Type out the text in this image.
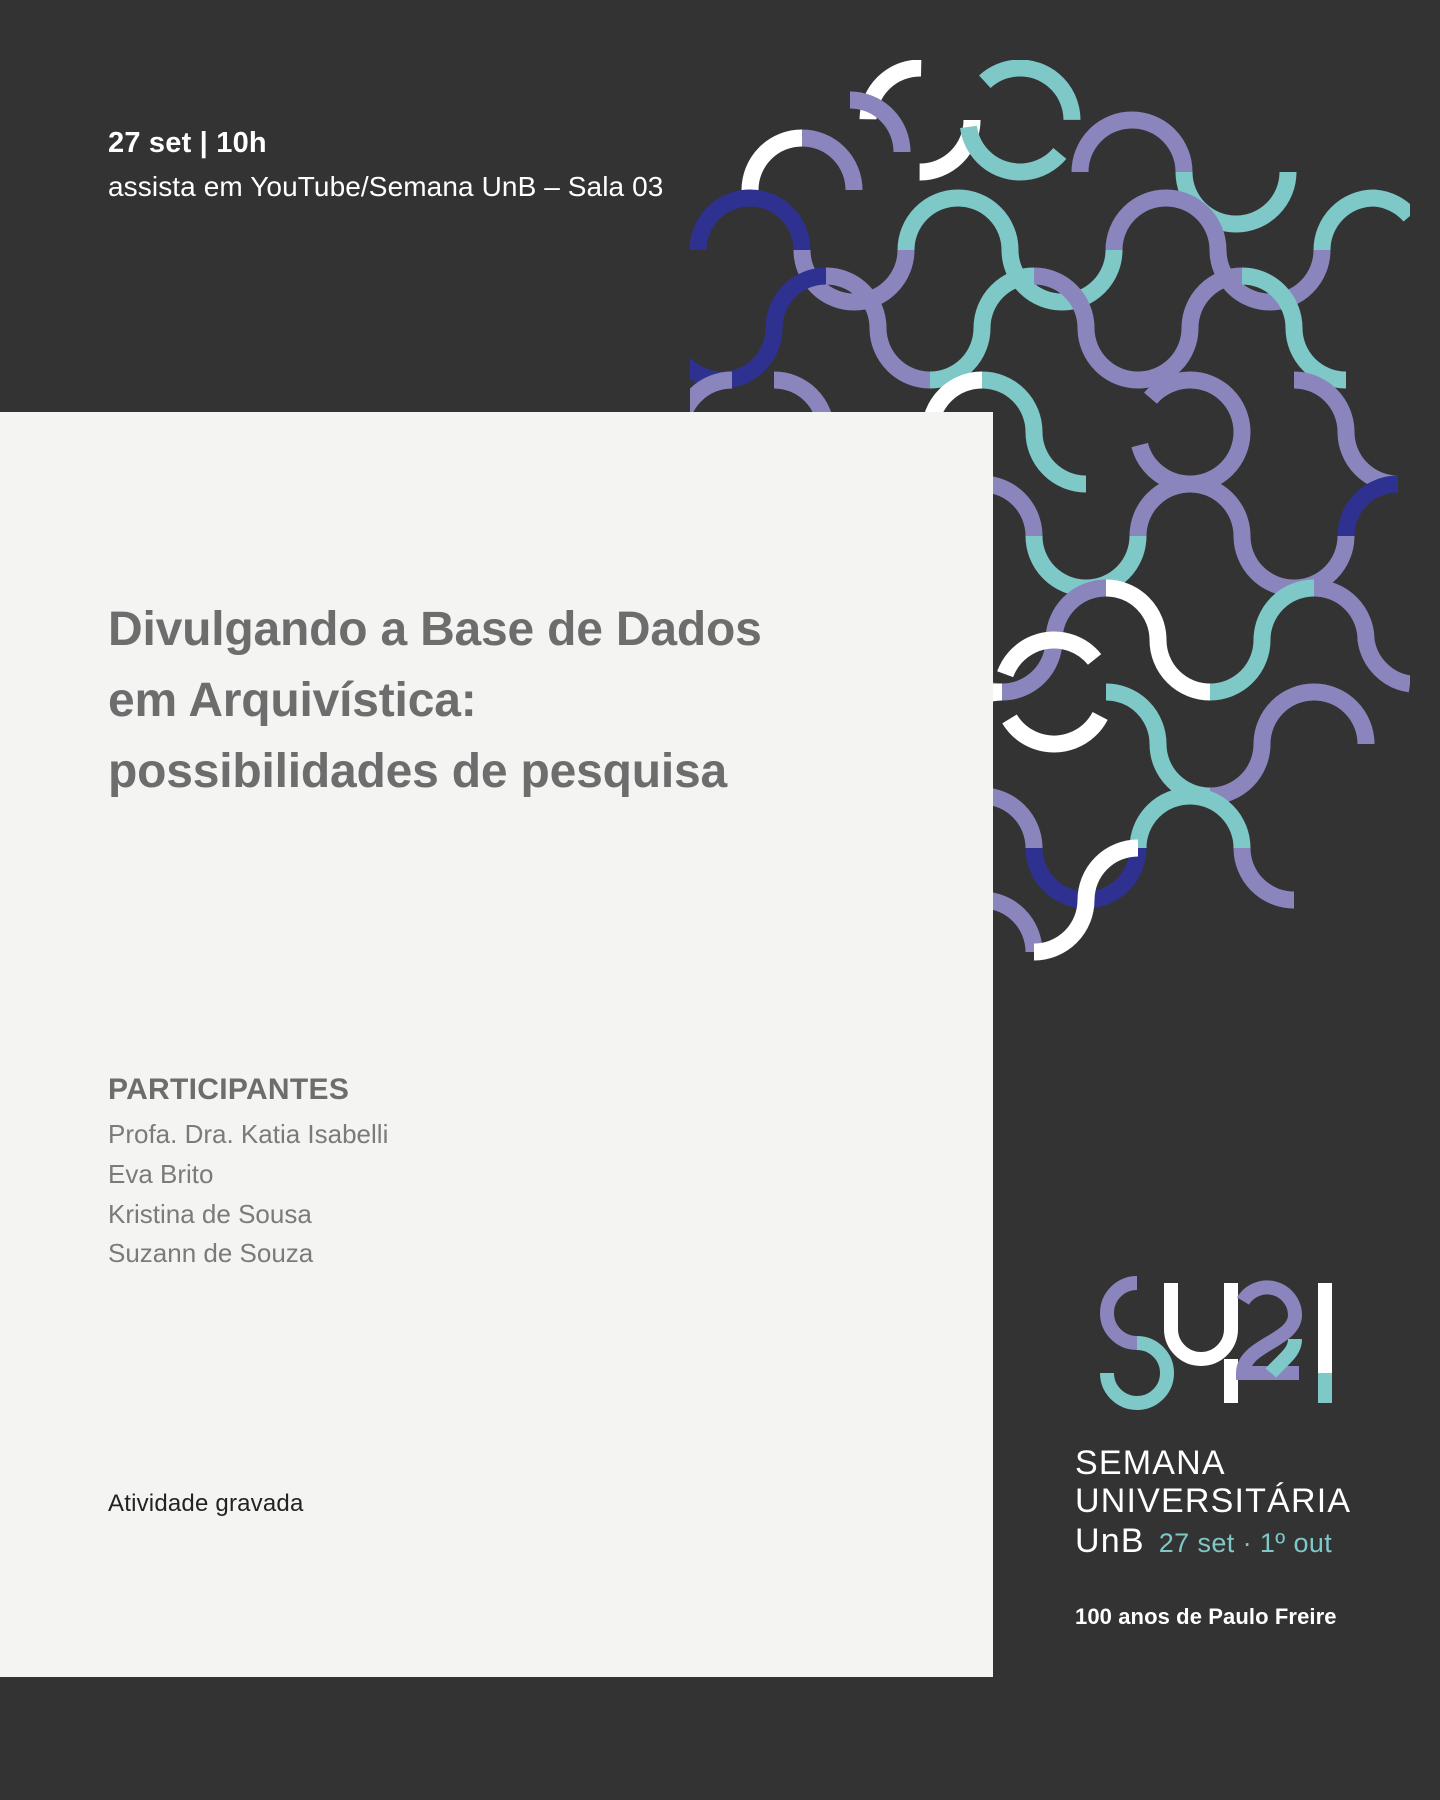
27 set | 10h
assista em YouTube/Semana UnB – Sala 03
Divulgando a Base de Dados
em Arquivística:
possibilidades de pesquisa
PARTICIPANTES
Profa. Dra. Katia Isabelli
Eva Brito
Kristina de Sousa
Suzann de Souza
Atividade gravada
SEMANA
UNIVERSITÁRIA
UnB 27 set · 1º out
100 anos de Paulo Freire
